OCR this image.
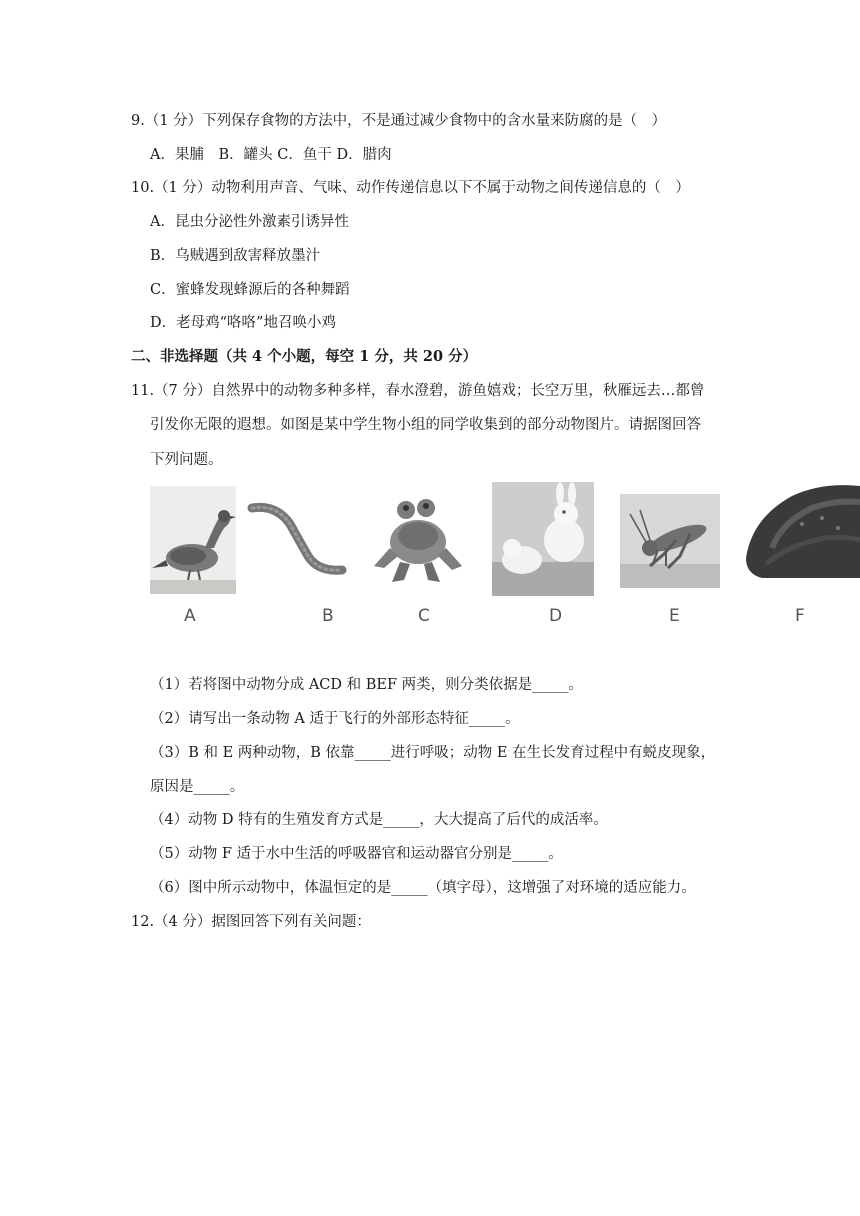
9.（1 分）下列保存食物的方法中，不是通过减少食物中的含水量来防腐的是（　）
A．果脯　B．罐头 C．鱼干 D．腊肉
10.（1 分）动物利用声音、气味、动作传递信息以下不属于动物之间传递信息的（　）
A．昆虫分泌性外激素引诱异性
B．乌贼遇到敌害释放墨汁
C．蜜蜂发现蜂源后的各种舞蹈
D．老母鸡“咯咯”地召唤小鸡
二、非选择题（共 4 个小题，每空 1 分，共 20 分）
11.（7 分）自然界中的动物多种多样，春水澄碧，游鱼嬉戏；长空万里，秋雁远去…都曾
引发你无限的遐想。如图是某中学生物小组的同学收集到的部分动物图片。请据图回答
下列问题。
A	B	C	D	E	F
（1）若将图中动物分成 ACD 和 BEF 两类，则分类依据是_____。
（2）请写出一条动物 A 适于飞行的外部形态特征_____。
（3）B 和 E 两种动物，B 依靠_____进行呼吸；动物 E 在生长发育过程中有蜕皮现象，
原因是_____。
（4）动物 D 特有的生殖发育方式是_____，大大提高了后代的成活率。
（5）动物 F 适于水中生活的呼吸器官和运动器官分别是_____。
（6）图中所示动物中，体温恒定的是_____（填字母），这增强了对环境的适应能力。
12.（4 分）据图回答下列有关问题：
